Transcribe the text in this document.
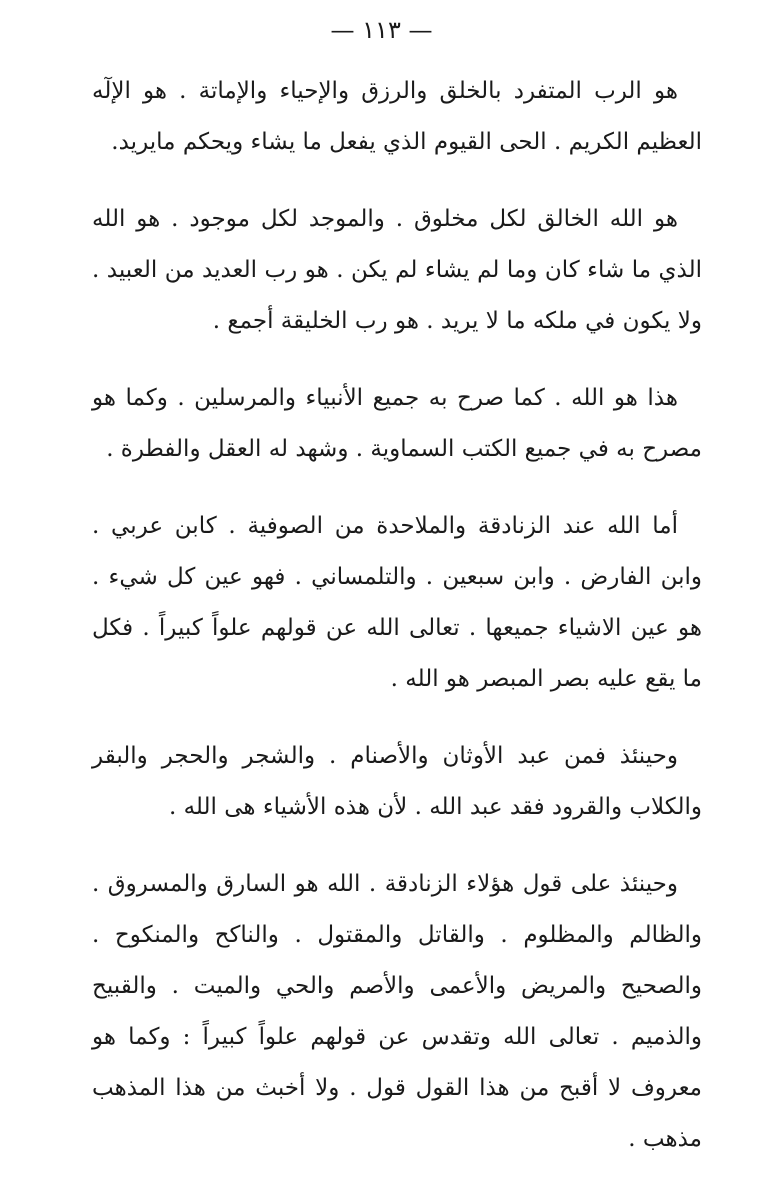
— ١١٣ —

هو الرب المتفرد بالخلق والرزق والإحياء والإماتة . هو الإلٓه العظيم الكريم . الحى القيوم الذي يفعل ما يشاء ويحكم مايريد.

هو الله الخالق لكل مخلوق . والموجد لكل موجود . هو الله الذي ما شاء كان وما لم يشاء لم يكن . هو رب العديد من العبيد . ولا يكون في ملكه ما لا يريد . هو رب الخليقة أجمع .

هذا هو الله . كما صرح به جميع الأنبياء والمرسلين . وكما هو مصرح به في جميع الكتب السماوية . وشهد له العقل والفطرة .

أما الله عند الزنادقة والملاحدة من الصوفية . كابن عربي . وابن الفارض . وابن سبعين . والتلمساني . فهو عين كل شيء . هو عين الاشياء جميعها . تعالى الله عن قولهم علواً كبيراً . فكل ما يقع عليه بصر المبصر هو الله .

وحينئذ فمن عبد الأوثان والأصنام . والشجر والحجر والبقر والكلاب والقرود فقد عبد الله . لأن هذه الأشياء هى الله .

وحينئذ على قول هؤلاء الزنادقة . الله هو السارق والمسروق . والظالم والمظلوم . والقاتل والمقتول . والناكح والمنكوح . والصحيح والمريض والأعمى والأصم والحي والميت . والقبيح والذميم . تعالى الله وتقدس عن قولهم علواً كبيراً : وكما هو معروف لا أقبح من هذا القول قول . ولا أخبث من هذا المذهب مذهب .
